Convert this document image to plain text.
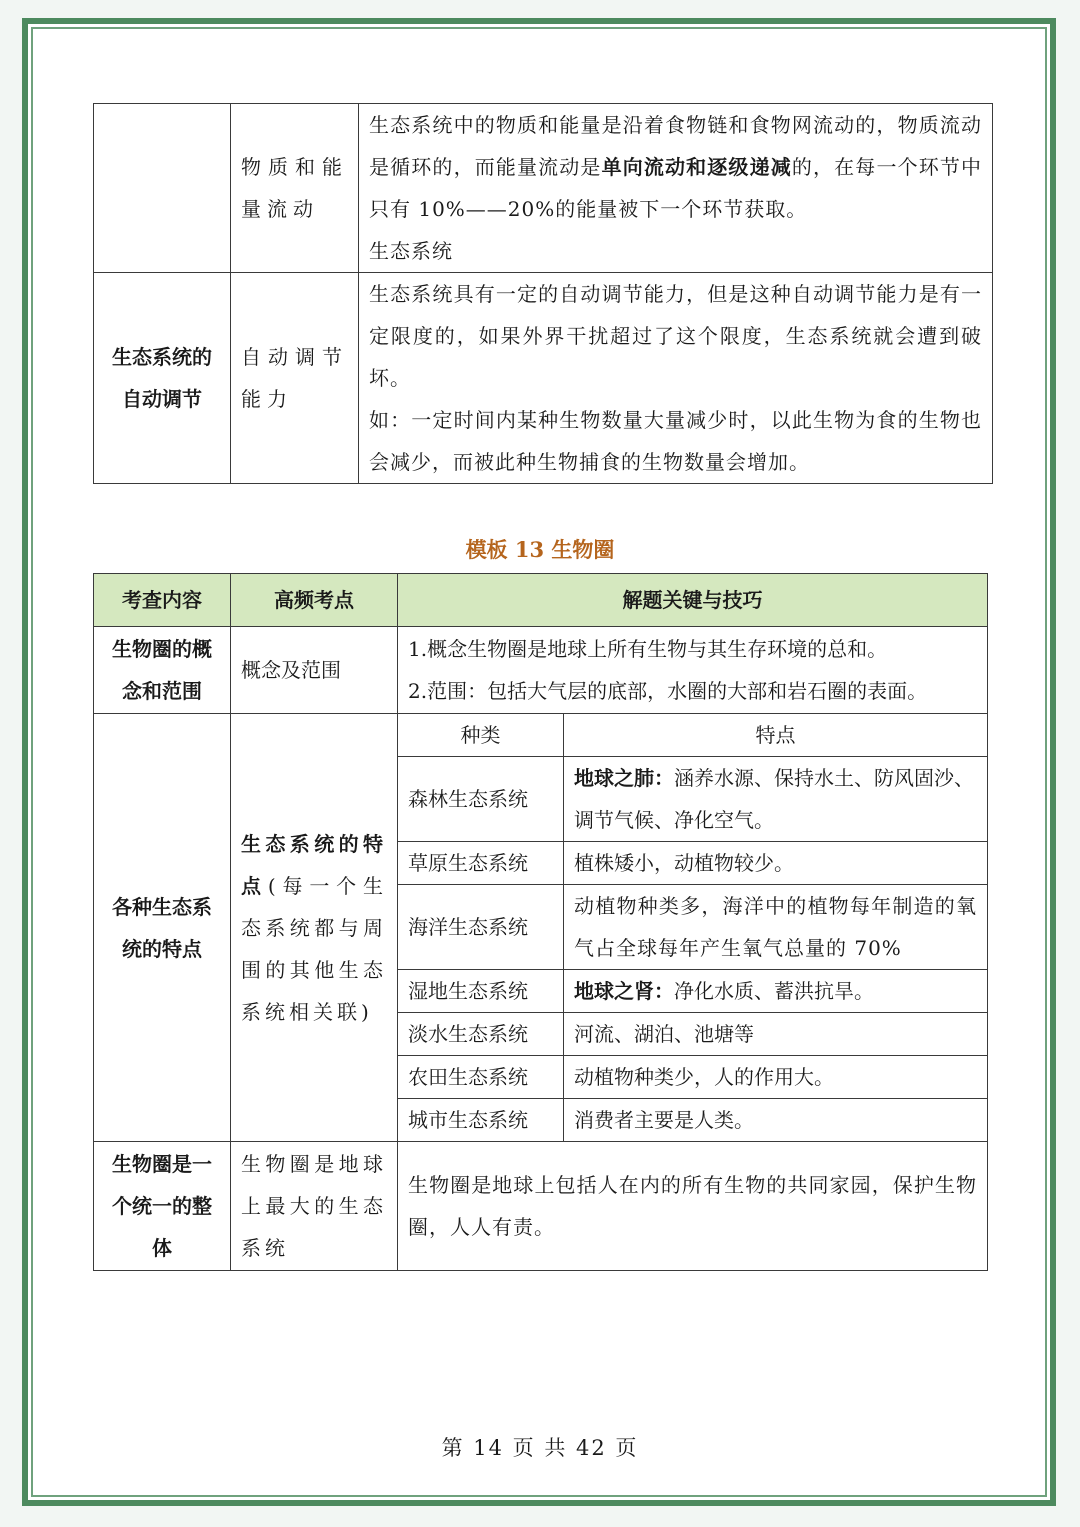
	物质和能量流动	生态系统中的物质和能量是沿着食物链和食物网流动的，物质流动是循环的，而能量流动是单向流动和逐级递减的，在每一个环节中只有 10%——20%的能量被下一个环节获取。
生态系统
生态系统的自动调节	自动调节能力	生态系统具有一定的自动调节能力，但是这种自动调节能力是有一定限度的，如果外界干扰超过了这个限度，生态系统就会遭到破坏。
如：一定时间内某种生物数量大量减少时，以此生物为食的生物也会减少，而被此种生物捕食的生物数量会增加。
模板 13 生物圈
考查内容	高频考点	解题关键与技巧	
生物圈的概念和范围	概念及范围	1.概念生物圈是地球上所有生物与其生存环境的总和。
2.范围：包括大气层的底部，水圈的大部和岩石圈的表面。	

各种生态系统的特点	生态系统的特点(每一个生态系统都与周围的其他生态系统相关联)	种类	特点
		森林生态系统	地球之肺：涵养水源、保持水土、防风固沙、调节气候、净化空气。
		草原生态系统	植株矮小，动植物较少。
		海洋生态系统	动植物种类多，海洋中的植物每年制造的氧气占全球每年产生氧气总量的 70%
		湿地生态系统	地球之肾：净化水质、蓄洪抗旱。
		淡水生态系统	河流、湖泊、池塘等
		农田生态系统	动植物种类少，人的作用大。
		城市生态系统	消费者主要是人类。
生物圈是一个统一的整体	生物圈是地球上最大的生态系统	生物圈是地球上包括人在内的所有生物的共同家园，保护生物圈，人人有责。	
第 14 页 共 42 页
